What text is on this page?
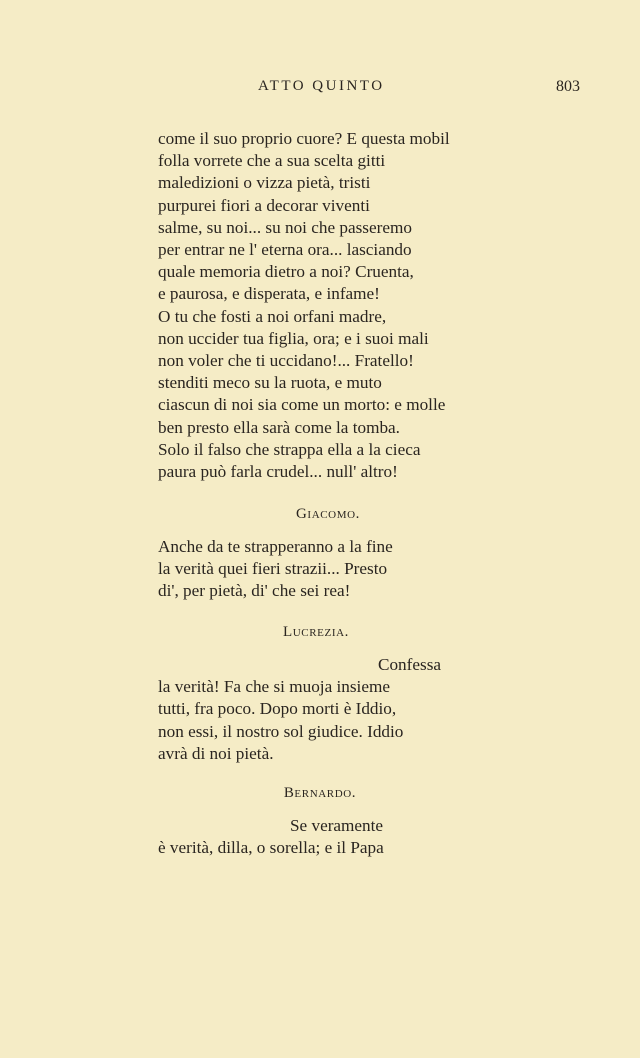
ATTO QUINTO	803
come il suo proprio cuore? E questa mobil
folla vorrete che a sua scelta gitti
maledizioni o vizza pietà, tristi
purpurei fiori a decorar viventi
salme, su noi... su noi che passeremo
per entrar ne l' eterna ora... lasciando
quale memoria dietro a noi? Cruenta,
e paurosa, e disperata, e infame!
O tu che fosti a noi orfani madre,
non uccider tua figlia, ora; e i suoi mali
non voler che ti uccidano!... Fratello!
stenditi meco su la ruota, e muto
ciascun di noi sia come un morto: e molle
ben presto ella sarà come la tomba.
Solo il falso che strappa ella a la cieca
paura può farla crudel... null' altro!
Giacomo.
Anche da te strapperanno a la fine
la verità quei fieri strazii... Presto
di', per pietà, di' che sei rea!
Lucrezia.
Confessa
la verità! Fa che si muoja insieme
tutti, fra poco. Dopo morti è Iddio,
non essi, il nostro sol giudice. Iddio
avrà di noi pietà.
Bernardo.
Se veramente
è verità, dilla, o sorella; e il Papa
